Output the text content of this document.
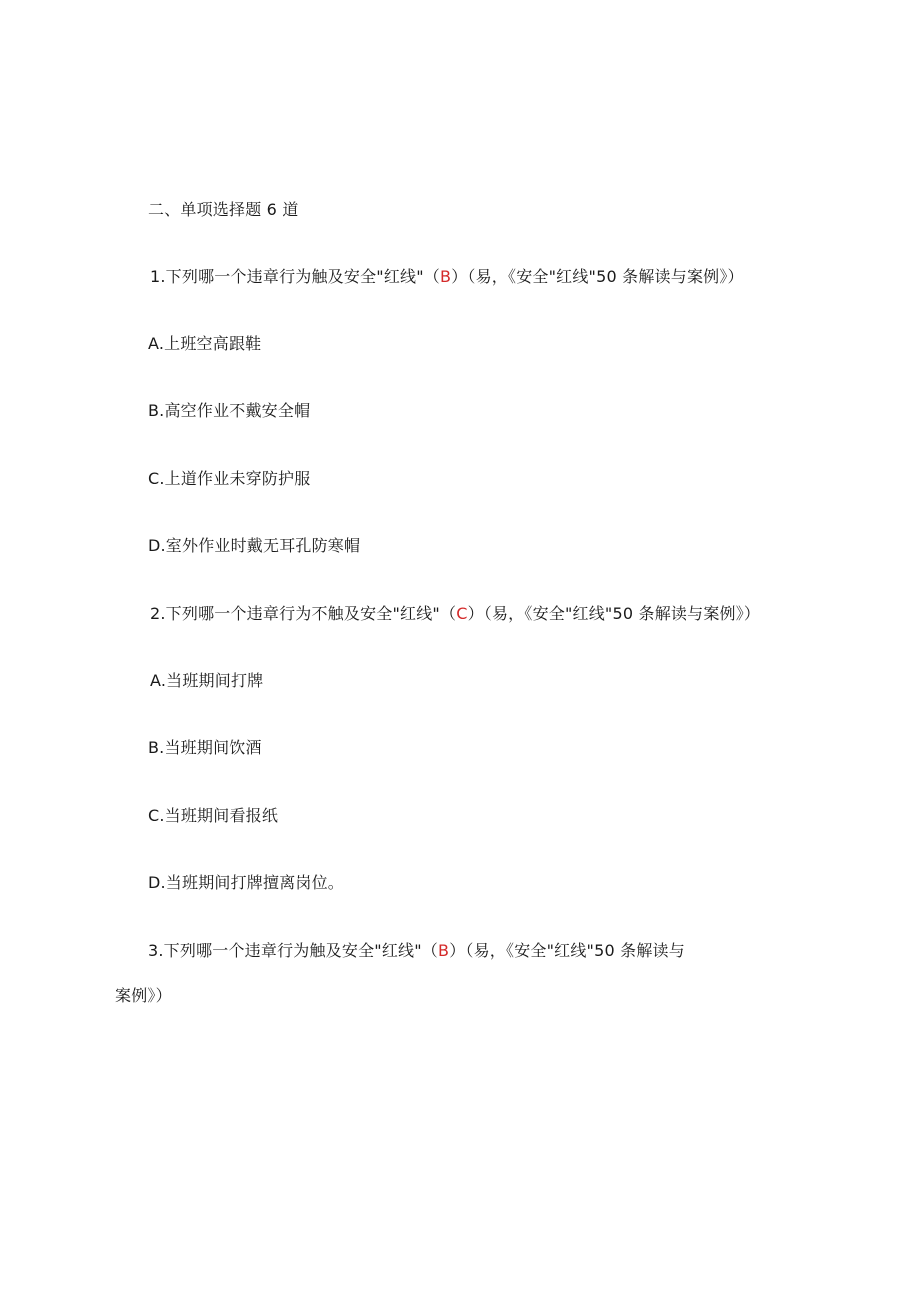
二、单项选择题 6 道
1.下列哪一个违章行为触及安全"红线"（B）（易，《安全"红线"50 条解读与案例》）
A.上班空高跟鞋
B.高空作业不戴安全帽
C.上道作业未穿防护服
D.室外作业时戴无耳孔防寒帽
2.下列哪一个违章行为不触及安全"红线"（C）（易，《安全"红线"50 条解读与案例》）
A.当班期间打牌
B.当班期间饮酒
C.当班期间看报纸
D.当班期间打牌擅离岗位。
3.下列哪一个违章行为触及安全"红线"（B）（易，《安全"红线"50 条解读与
案例》）
